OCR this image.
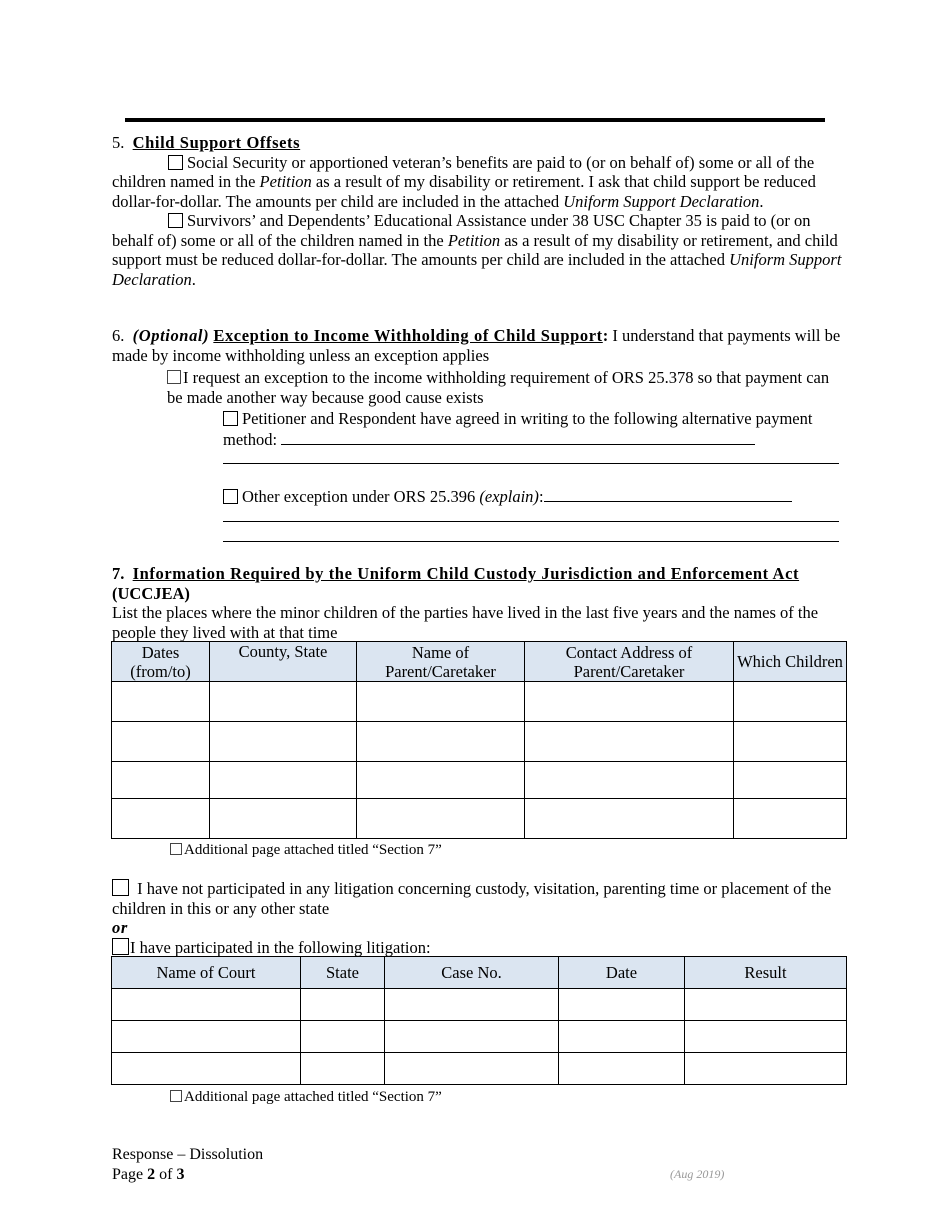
5. Child Support Offsets

Social Security or apportioned veteran’s benefits are paid to (or on behalf of) some or all of the children named in the Petition as a result of my disability or retirement. I ask that child support be reduced dollar-for-dollar. The amounts per child are included in the attached Uniform Support Declaration.

Survivors’ and Dependents’ Educational Assistance under 38 USC Chapter 35 is paid to (or on behalf of) some or all of the children named in the Petition as a result of my disability or retirement, and child support must be reduced dollar-for-dollar. The amounts per child are included in the attached Uniform Support Declaration.

6. (Optional) Exception to Income Withholding of Child Support: I understand that payments will be made by income withholding unless an exception applies

I request an exception to the income withholding requirement of ORS 25.378 so that payment can be made another way because good cause exists

Petitioner and Respondent have agreed in writing to the following alternative payment method:

Other exception under ORS 25.396 (explain):

7. Information Required by the Uniform Child Custody Jurisdiction and Enforcement Act (UCCJEA)

List the places where the minor children of the parties have lived in the last five years and the names of the people they lived with at that time

Dates (from/to)	County, State	Name of Parent/Caretaker	Contact Address of Parent/Caretaker	Which Children

Additional page attached titled “Section 7”

I have not participated in any litigation concerning custody, visitation, parenting time or placement of the children in this or any other state

or

I have participated in the following litigation:

Name of Court	State	Case No.	Date	Result

Additional page attached titled “Section 7”

Response – Dissolution

Page 2 of 3	(Aug 2019)
